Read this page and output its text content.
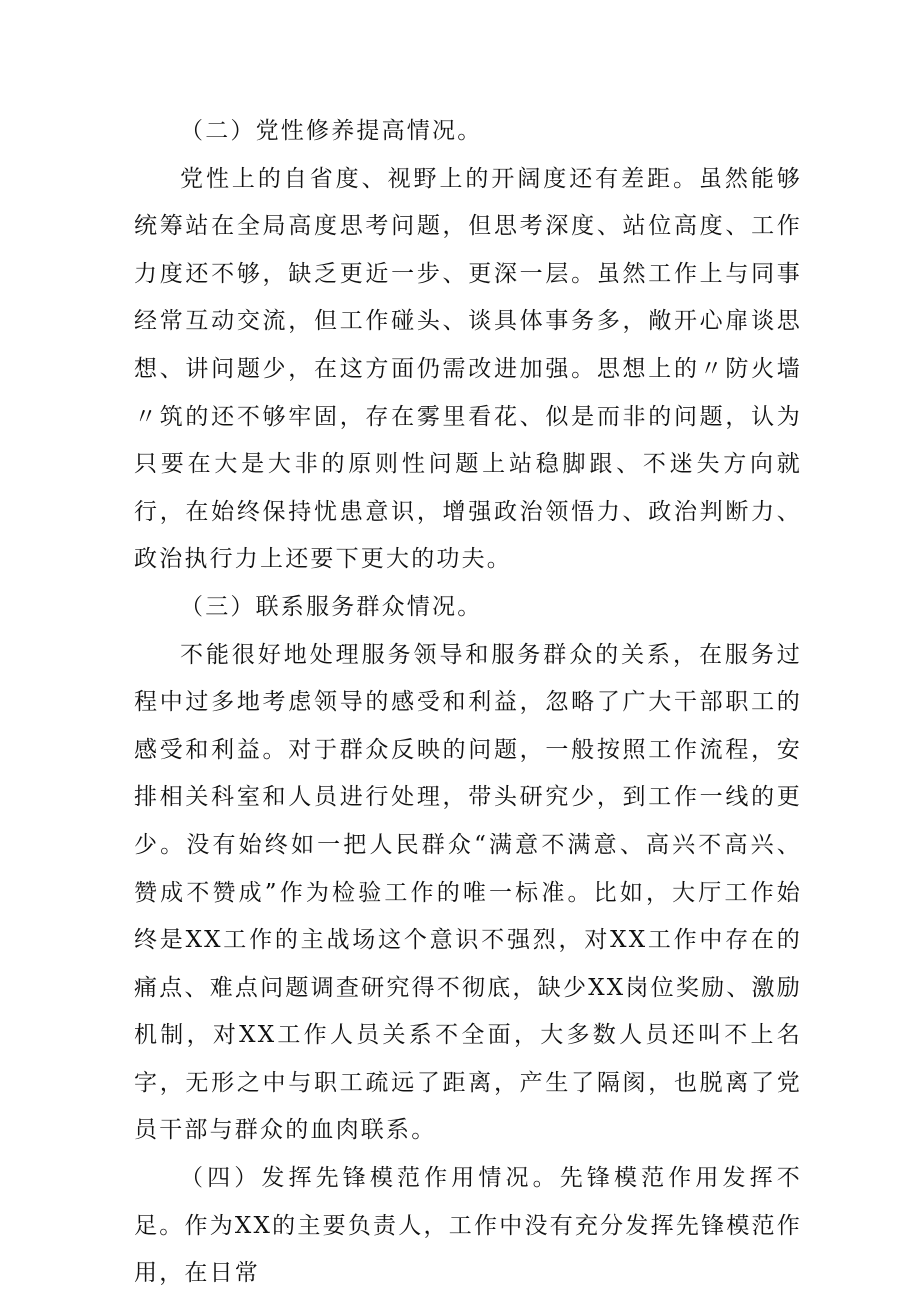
（二）党性修养提高情况。

党性上的自省度、视野上的开阔度还有差距。虽然能够统筹站在全局高度思考问题，但思考深度、站位高度、工作力度还不够，缺乏更近一步、更深一层。虽然工作上与同事经常互动交流，但工作碰头、谈具体事务多，敞开心扉谈思想、讲问题少，在这方面仍需改进加强。思想上的〃防火墙〃筑的还不够牢固，存在雾里看花、似是而非的问题，认为只要在大是大非的原则性问题上站稳脚跟、不迷失方向就行，在始终保持忧患意识，增强政治领悟力、政治判断力、政治执行力上还要下更大的功夫。

（三）联系服务群众情况。

不能很好地处理服务领导和服务群众的关系，在服务过程中过多地考虑领导的感受和利益，忽略了广大干部职工的感受和利益。对于群众反映的问题，一般按照工作流程，安排相关科室和人员进行处理，带头研究少，到工作一线的更少。没有始终如一把人民群众“满意不满意、高兴不高兴、赞成不赞成”作为检验工作的唯一标准。比如，大厅工作始终是XX工作的主战场这个意识不强烈，对XX工作中存在的痛点、难点问题调查研究得不彻底，缺少XX岗位奖励、激励机制，对XX工作人员关系不全面，大多数人员还叫不上名字，无形之中与职工疏远了距离，产生了隔阂，也脱离了党员干部与群众的血肉联系。

（四）发挥先锋模范作用情况。先锋模范作用发挥不足。作为XX的主要负责人，工作中没有充分发挥先锋模范作用，在日常
